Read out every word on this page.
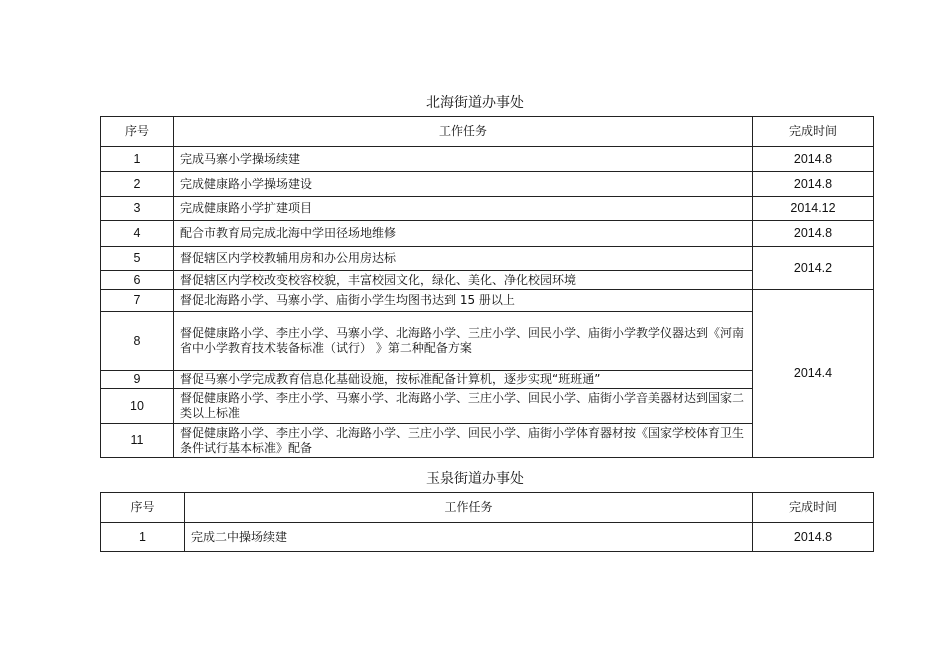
北海街道办事处
序号	工作任务	完成时间
1	完成马寨小学操场续建	2014.8
2	完成健康路小学操场建设	2014.8
3	完成健康路小学扩建项目	2014.12
4	配合市教育局完成北海中学田径场地维修	2014.8
5	督促辖区内学校教辅用房和办公用房达标	2014.2
6	督促辖区内学校改变校容校貌，丰富校园文化，绿化、美化、净化校园环境	
7	督促北海路小学、马寨小学、庙街小学生均图书达到 15 册以上	2014.4
8	督促健康路小学、李庄小学、马寨小学、北海路小学、三庄小学、回民小学、庙街小学教学仪器达到《河南省中小学教育技术装备标准（试行） 》第二种配备方案	
9	督促马寨小学完成教育信息化基础设施，按标准配备计算机，逐步实现“班班通”	
10	督促健康路小学、李庄小学、马寨小学、北海路小学、三庄小学、回民小学、庙街小学音美器材达到国家二类以上标准	
11	督促健康路小学、李庄小学、北海路小学、三庄小学、回民小学、庙街小学体育器材按《国家学校体育卫生条件试行基本标准》配备	
玉泉街道办事处
序号	工作任务	完成时间
1	完成二中操场续建	2014.8
